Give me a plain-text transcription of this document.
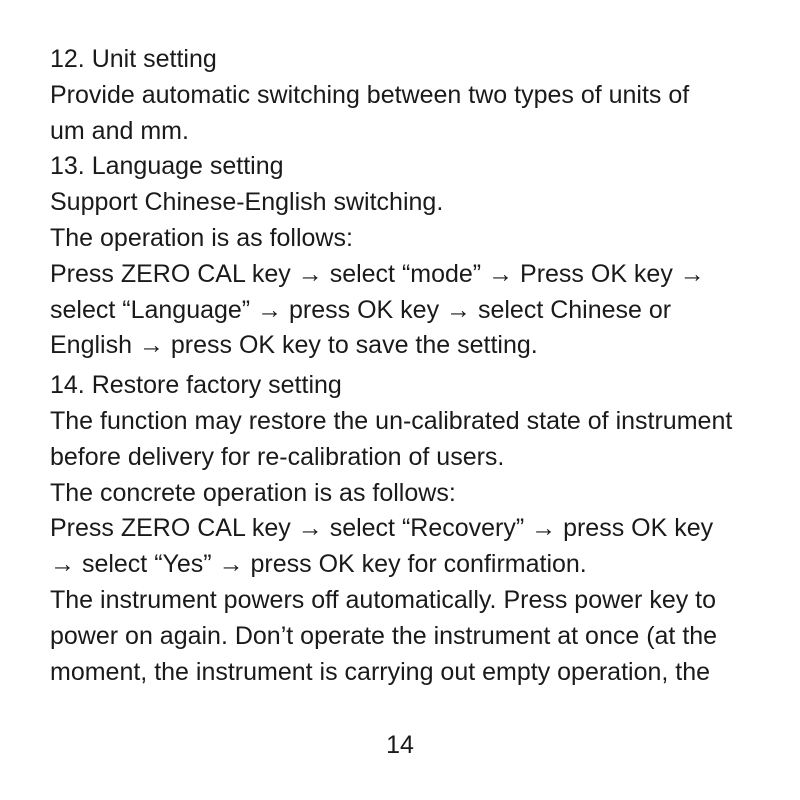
12. Unit setting

Provide automatic switching between two types of units of

um and mm.

13. Language setting

Support Chinese-English switching.

The operation is as follows:

Press ZERO CAL key → select “mode” → Press OK key →

select “Language” → press OK key → select Chinese or

English → press OK key to save the setting.

14. Restore factory setting

The function may restore the un-calibrated state of instrument

before delivery for re-calibration of users.

The concrete operation is as follows:

Press ZERO CAL key → select “Recovery” → press OK key

→ select “Yes” → press OK key for confirmation.

The instrument powers off automatically. Press power key to

power on again. Don’t operate the instrument at once (at the

moment, the instrument is carrying out empty operation, the

14
